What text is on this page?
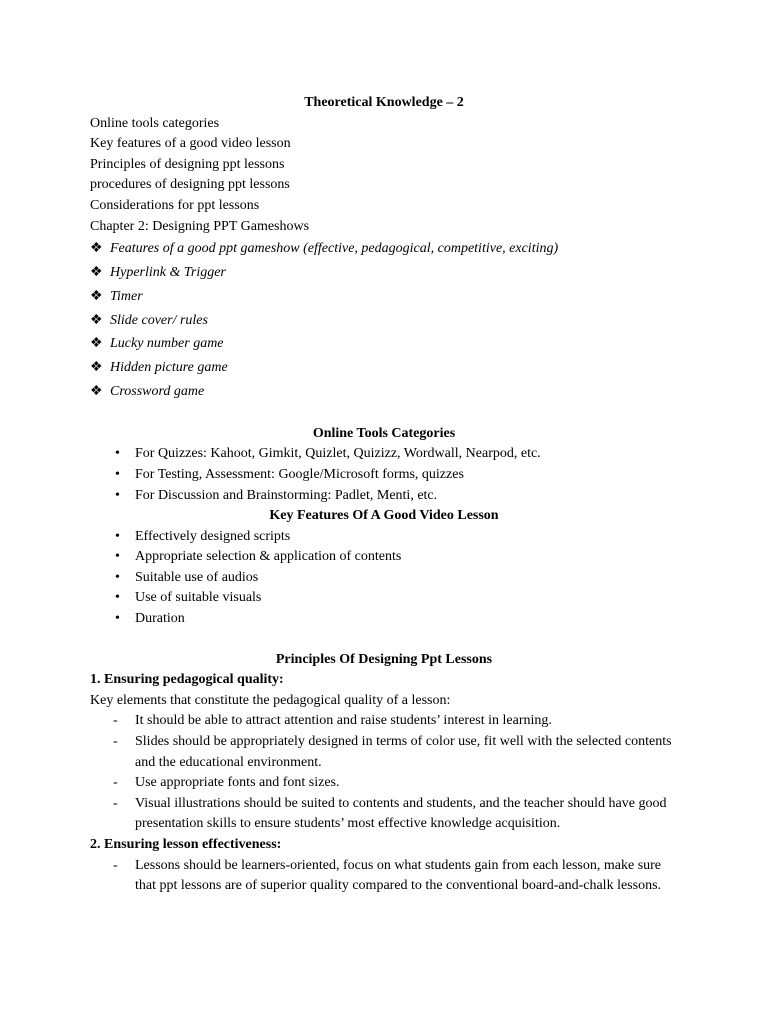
Theoretical Knowledge – 2
Online tools categories
Key features of a good video lesson
Principles of designing ppt lessons
procedures of designing ppt lessons
Considerations for ppt lessons
Chapter 2: Designing PPT Gameshows
❖ Features of a good ppt gameshow (effective, pedagogical, competitive, exciting)
❖ Hyperlink & Trigger
❖ Timer
❖ Slide cover/ rules
❖ Lucky number game
❖ Hidden picture game
❖ Crossword game
Online Tools Categories
• For Quizzes: Kahoot, Gimkit, Quizlet, Quizizz, Wordwall, Nearpod, etc.
• For Testing, Assessment: Google/Microsoft forms, quizzes
• For Discussion and Brainstorming: Padlet, Menti, etc.
Key Features Of A Good Video Lesson
• Effectively designed scripts
• Appropriate selection & application of contents
• Suitable use of audios
• Use of suitable visuals
• Duration
Principles Of Designing Ppt Lessons
1. Ensuring pedagogical quality:
Key elements that constitute the pedagogical quality of a lesson:
- It should be able to attract attention and raise students’ interest in learning.
- Slides should be appropriately designed in terms of color use, fit well with the selected contents and the educational environment.
- Use appropriate fonts and font sizes.
- Visual illustrations should be suited to contents and students, and the teacher should have good presentation skills to ensure students’ most effective knowledge acquisition.
2. Ensuring lesson effectiveness:
- Lessons should be learners-oriented, focus on what students gain from each lesson, make sure that ppt lessons are of superior quality compared to the conventional board-and-chalk lessons.
